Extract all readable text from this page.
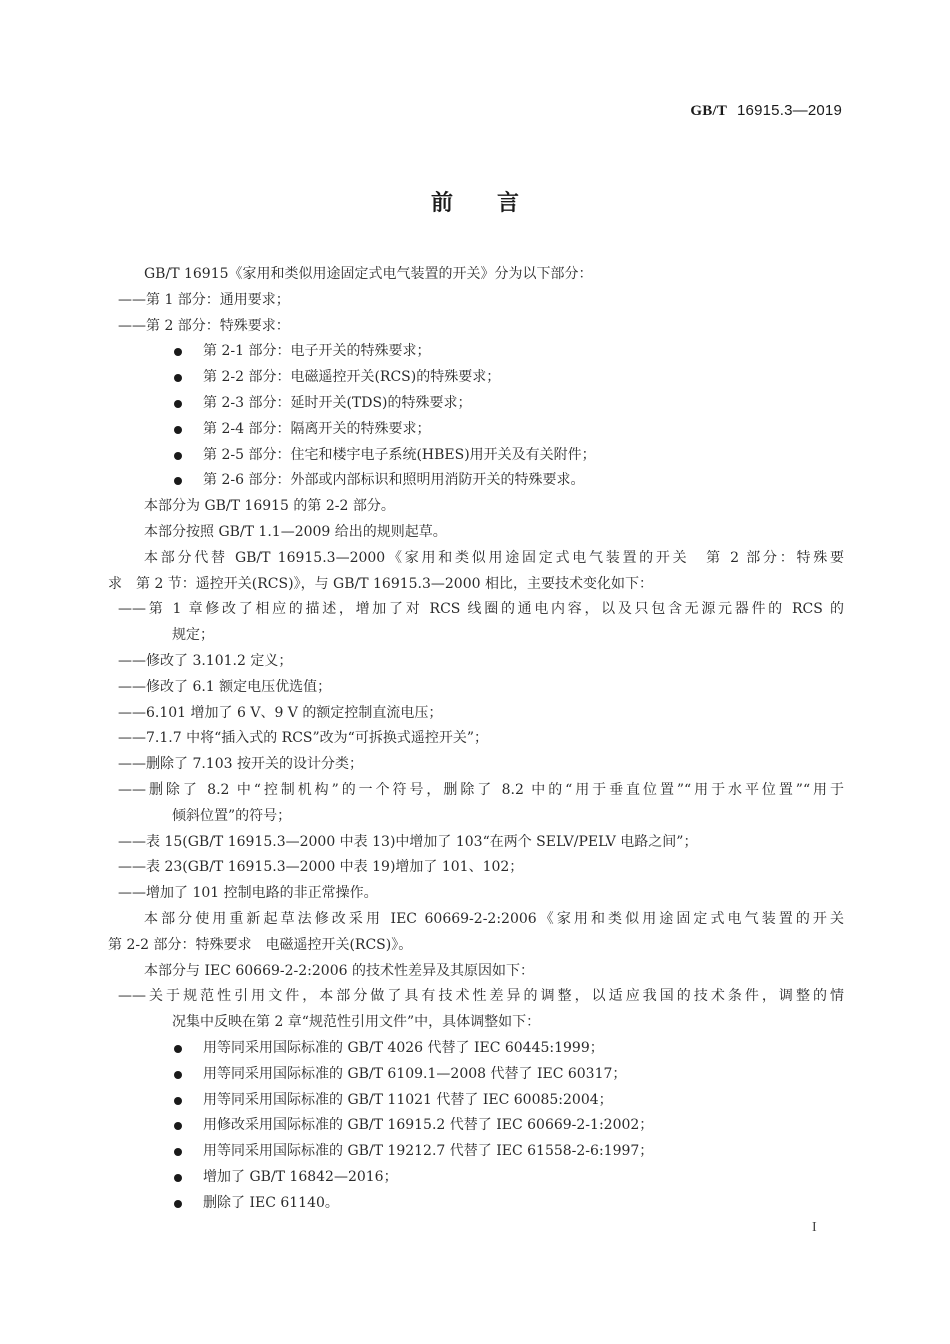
GB/T 16915.3—2019
前言
GB/T 16915《家用和类似用途固定式电气装置的开关》分为以下部分：
——第 1 部分：通用要求；
——第 2 部分：特殊要求：
第 2-1 部分：电子开关的特殊要求；
第 2-2 部分：电磁遥控开关(RCS)的特殊要求；
第 2-3 部分：延时开关(TDS)的特殊要求；
第 2-4 部分：隔离开关的特殊要求；
第 2-5 部分：住宅和楼宇电子系统(HBES)用开关及有关附件；
第 2-6 部分：外部或内部标识和照明用消防开关的特殊要求。
本部分为 GB/T 16915 的第 2-2 部分。
本部分按照 GB/T 1.1—2009 给出的规则起草。
本部分代替 GB/T 16915.3—2000《家用和类似用途固定式电气装置的开关　第 2 部分：特殊要
求　第 2 节：遥控开关(RCS)》，与 GB/T 16915.3—2000 相比，主要技术变化如下：
——第 1 章修改了相应的描述，增加了对 RCS 线圈的通电内容，以及只包含无源元器件的 RCS 的
规定；
——修改了 3.101.2 定义；
——修改了 6.1 额定电压优选值；
——6.101 增加了 6 V、9 V 的额定控制直流电压；
——7.1.7 中将“插入式的 RCS”改为“可拆换式遥控开关”；
——删除了 7.103 按开关的设计分类；
——删除了 8.2 中“控制机构”的一个符号，删除了 8.2 中的“用于垂直位置”“用于水平位置”“用于
倾斜位置”的符号；
——表 15(GB/T 16915.3—2000 中表 13)中增加了 103“在两个 SELV/PELV 电路之间”；
——表 23(GB/T 16915.3—2000 中表 19)增加了 101、102；
——增加了 101 控制电路的非正常操作。
本部分使用重新起草法修改采用 IEC 60669-2-2:2006《家用和类似用途固定式电气装置的开关
第 2-2 部分：特殊要求　电磁遥控开关(RCS)》。
本部分与 IEC 60669-2-2:2006 的技术性差异及其原因如下：
——关于规范性引用文件，本部分做了具有技术性差异的调整，以适应我国的技术条件，调整的情
况集中反映在第 2 章“规范性引用文件”中，具体调整如下：
用等同采用国际标准的 GB/T 4026 代替了 IEC 60445:1999；
用等同采用国际标准的 GB/T 6109.1—2008 代替了 IEC 60317；
用等同采用国际标准的 GB/T 11021 代替了 IEC 60085:2004；
用修改采用国际标准的 GB/T 16915.2 代替了 IEC 60669-2-1:2002；
用等同采用国际标准的 GB/T 19212.7 代替了 IEC 61558-2-6:1997；
增加了 GB/T 16842—2016；
删除了 IEC 61140。
I
